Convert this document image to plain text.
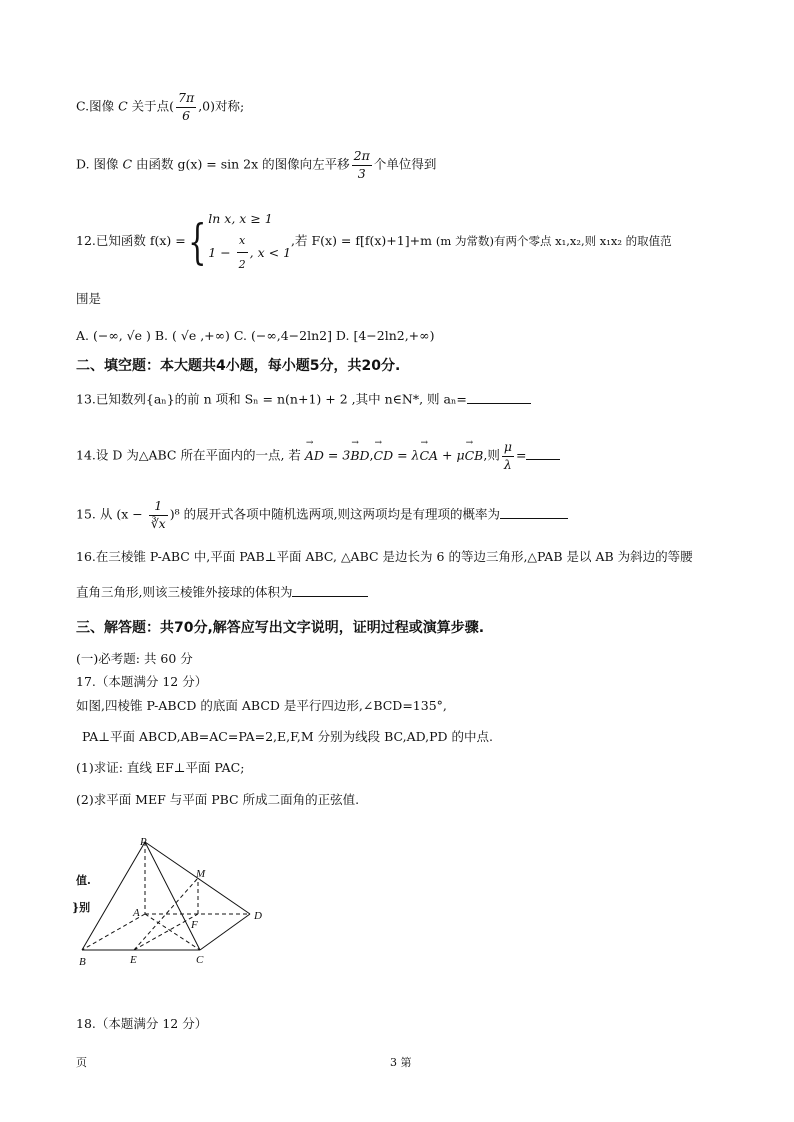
C.图像 C 关于点( $\frac{7\pi}{6} ,0$)对称;
D. 图像 C 由函数 g(x) = sin 2x 的图像向左平移 $\frac{2\pi}{3}$ 个单位得到
12.已知函数 f(x) ={ ln x, x ≥ 1
$1 - \frac{x}{2}$ , x < 1
,若 F(x) = f[f(x)+1]+m (m 为常数)有两个零点 x₁,x₂,则 x₁x₂ 的取值范
围是
A. (−∞, √e ) B. ( √e ,+∞) C. (−∞,4−2ln2] D. [4−2ln2,+∞)
二、填空题：本大题共4小题，每小题5分，共20分.
13.已知数列{aₙ}的前 n 项和 Sₙ = n(n+1) + 2 ,其中 n∈N*, 则 aₙ=
14.设 D 为△ABC 所在平面内的一点, 若 → AD = 3→ BD,→ CD = λ→ CA + μ→ CB,则 $\frac{\mu}{\lambda}$ =
15. 从 $(x - \frac{1}{∛x} )^8$ 的展开式各项中随机选两项,则这两项均是有理项的概率为
16.在三棱锥 P-ABC 中,平面 PAB⊥平面 ABC, △ABC 是边长为 6 的等边三角形,△PAB 是以 AB 为斜边的等腰
直角三角形,则该三棱锥外接球的体积为
三、解答题：共70分,解答应写出文字说明，证明过程或演算步骤.
(一)必考题: 共 60 分
17.（本题满分 12 分）
如图,四棱锥 P-ABCD 的底面 ABCD 是平行四边形,∠BCD=135°,
PA⊥平面 ABCD,AB=AC=PA=2,E,F,M 分别为线段 BC,AD,PD 的中点.
(1)求证: 直线 EF⊥平面 PAC;
(2)求平面 MEF 与平面 PBC 所成二面角的正弦值.
P
M
A
F
D
B	E	C
值.
}别
18.（本题满分 12 分）
页	3 第
